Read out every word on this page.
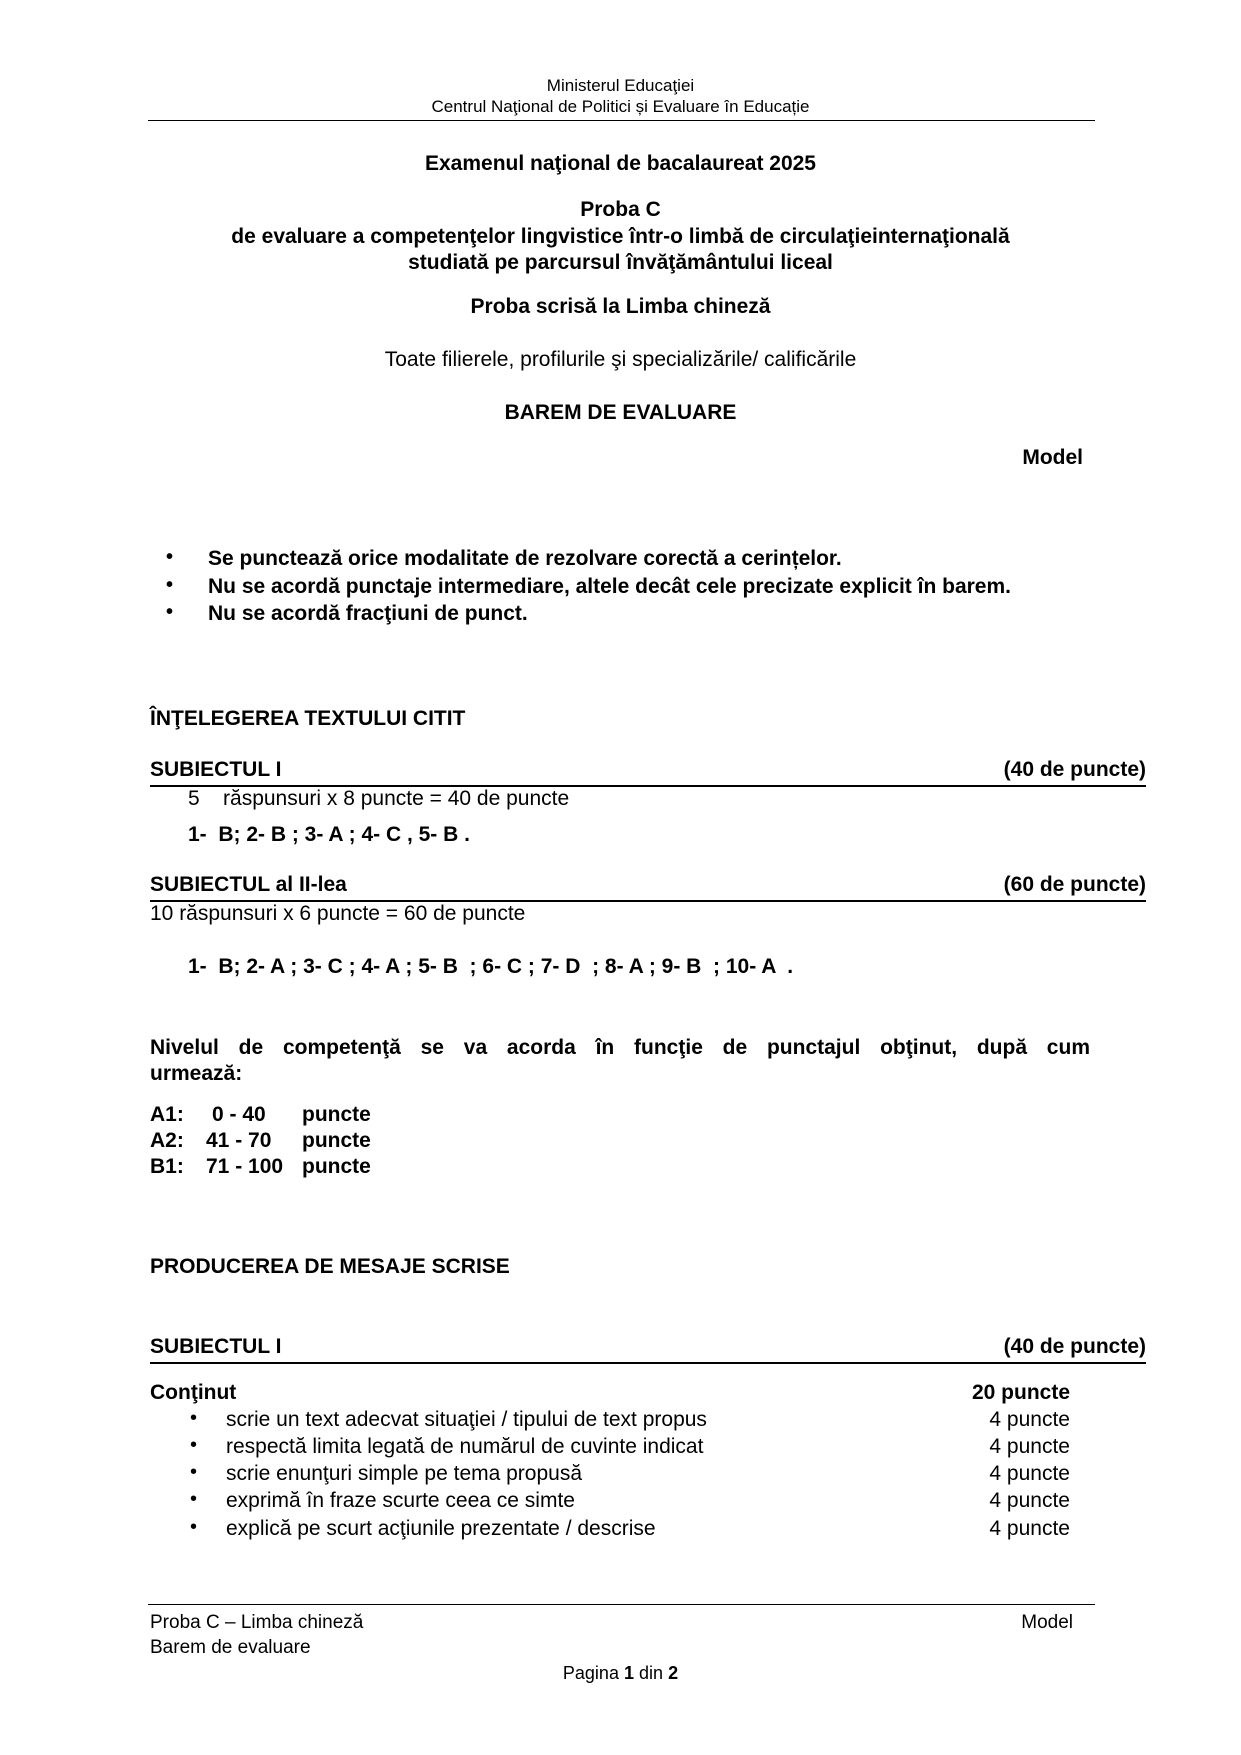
Ministerul Educaţiei
Centrul Naţional de Politici și Evaluare în Educație
Examenul naţional de bacalaureat 2025
Proba C
de evaluare a competenţelor lingvistice într-o limbă de circulaţieinternaţională
studiată pe parcursul învăţământului liceal
Proba scrisă la Limba chineză
Toate filierele, profilurile şi specializările/ calificările
BAREM DE EVALUARE
Model
• Se punctează orice modalitate de rezolvare corectă a cerințelor.
• Nu se acordă punctaje intermediare, altele decât cele precizate explicit în barem.
• Nu se acordă fracţiuni de punct.
ÎNŢELEGEREA TEXTULUI CITIT
SUBIECTUL I	(40 de puncte)
5    răspunsuri x 8 puncte = 40 de puncte
1-  B; 2- B ; 3- A ; 4- C , 5- B .
SUBIECTUL al II-lea	(60 de puncte)
10 răspunsuri x 6 puncte = 60 de puncte
1-  B; 2- A ; 3- C ; 4- A ; 5- B  ; 6- C ; 7- D  ; 8- A ; 9- B  ; 10- A  .
Nivelul de competenţă se va acorda în funcţie de punctajul obţinut, după cum
urmează:
A1: 0 - 40 puncte
A2: 41 - 70 puncte
B1: 71 - 100 puncte
PRODUCEREA DE MESAJE SCRISE
SUBIECTUL I	(40 de puncte)
Conţinut	20 puncte
• scrie un text adecvat situaţiei / tipului de text propus	4 puncte
• respectă limita legată de numărul de cuvinte indicat	4 puncte
• scrie enunţuri simple pe tema propusă	4 puncte
• exprimă în fraze scurte ceea ce simte	4 puncte
• explică pe scurt acţiunile prezentate / descrise	4 puncte
Proba C – Limba chineză
Barem de evaluare
Model
Pagina 1 din 2
